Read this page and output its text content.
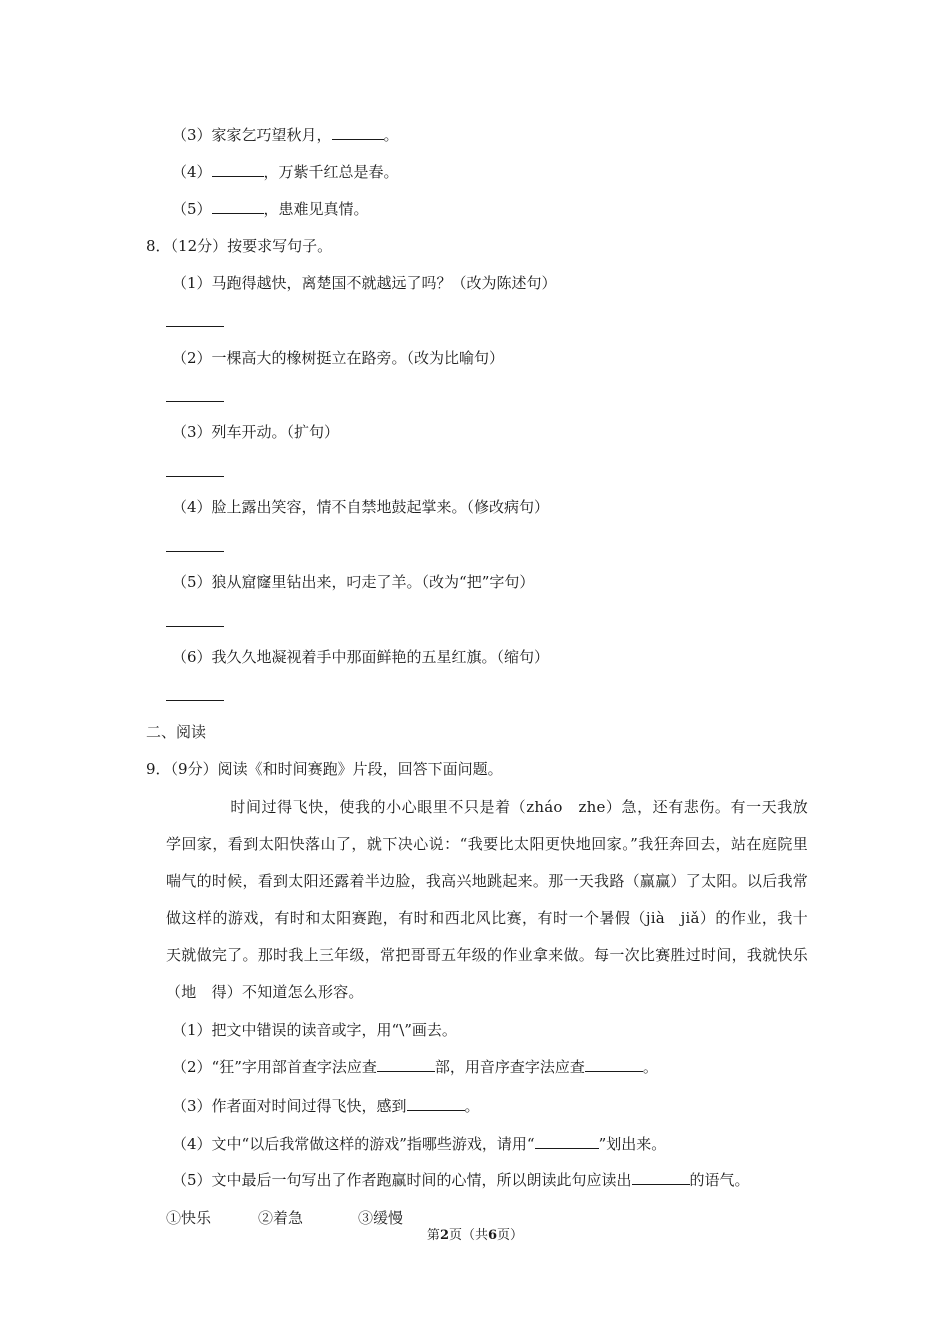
（3）家家乞巧望秋月，	。
（4）	，万紫千红总是春。
（5）	，患难见真情。
8．（12分）按要求写句子。
（1）马跑得越快，离楚国不就越远了吗？（改为陈述句）
（2）一棵高大的橡树挺立在路旁。（改为比喻句）
（3）列车开动。（扩句）
（4）脸上露出笑容，情不自禁地鼓起掌来。（修改病句）
（5）狼从窟窿里钻出来，叼走了羊。（改为“把”字句）
（6）我久久地凝视着手中那面鲜艳的五星红旗。（缩句）
二、阅读
9．（9分）阅读《和时间赛跑》片段，回答下面问题。
时间过得飞快，使我的小心眼里不只是着（zháo　zhe）急，还有悲伤。有一天我放学回家，看到太阳快落山了，就下决心说：“我要比太阳更快地回家。”我狂奔回去，站在庭院里喘气的时候，看到太阳还露着半边脸，我高兴地跳起来。那一天我路（赢赢）了太阳。以后我常做这样的游戏，有时和太阳赛跑，有时和西北风比赛，有时一个暑假（jià　jiǎ）的作业，我十天就做完了。那时我上三年级，常把哥哥五年级的作业拿来做。每一次比赛胜过时间，我就快乐（地　得）不知道怎么形容。
（1）把文中错误的读音或字，用“\”画去。
（2）“狂”字用部首查字法应查	部，用音序查字法应查	。
（3）作者面对时间过得飞快，感到	。
（4）文中“以后我常做这样的游戏”指哪些游戏，请用“	”划出来。
（5）文中最后一句写出了作者跑赢时间的心情，所以朗读此句应读出	的语气。
①快乐	②着急	③缓慢
第2页（共6页）
